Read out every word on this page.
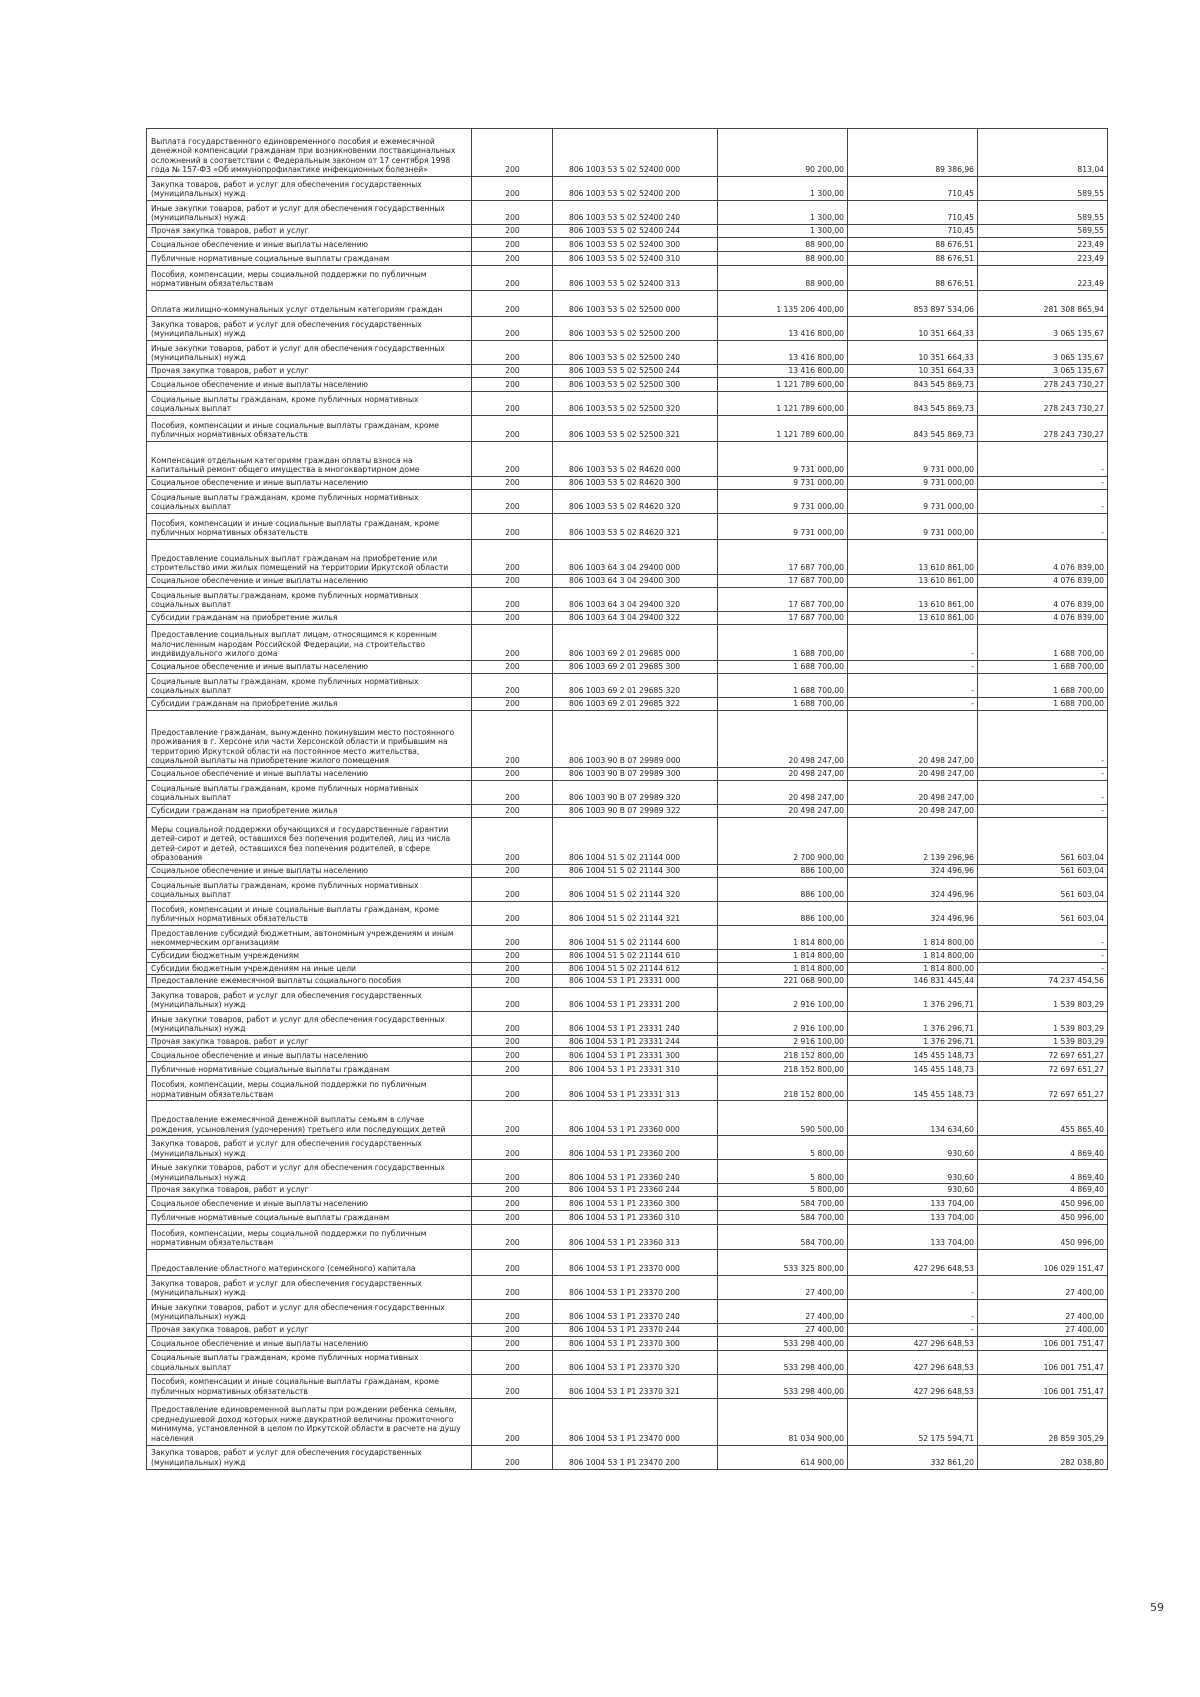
Выплата государственного единовременного пособия и ежемесячной денежной компенсации гражданам при возникновении поствакцинальных осложнений в соответствии с Федеральным законом от 17 сентября 1998 года № 157-ФЗ «Об иммунопрофилактике инфекционных болезней»	200	806 1003 53 5 02 52400 000	90 200,00	89 386,96	813,04
Закупка товаров, работ и услуг для обеспечения государственных (муниципальных) нужд	200	806 1003 53 5 02 52400 200	1 300,00	710,45	589,55
Иные закупки товаров, работ и услуг для обеспечения государственных (муниципальных) нужд	200	806 1003 53 5 02 52400 240	1 300,00	710,45	589,55
Прочая закупка товаров, работ и услуг	200	806 1003 53 5 02 52400 244	1 300,00	710,45	589,55
Социальное обеспечение и иные выплаты населению	200	806 1003 53 5 02 52400 300	88 900,00	88 676,51	223,49
Публичные нормативные социальные выплаты гражданам	200	806 1003 53 5 02 52400 310	88 900,00	88 676,51	223,49
Пособия, компенсации, меры социальной поддержки по публичным нормативным обязательствам	200	806 1003 53 5 02 52400 313	88 900,00	88 676,51	223,49
Оплата жилищно-коммунальных услуг отдельным категориям граждан	200	806 1003 53 5 02 52500 000	1 135 206 400,00	853 897 534,06	281 308 865,94
Закупка товаров, работ и услуг для обеспечения государственных (муниципальных) нужд	200	806 1003 53 5 02 52500 200	13 416 800,00	10 351 664,33	3 065 135,67
Иные закупки товаров, работ и услуг для обеспечения государственных (муниципальных) нужд	200	806 1003 53 5 02 52500 240	13 416 800,00	10 351 664,33	3 065 135,67
Прочая закупка товаров, работ и услуг	200	806 1003 53 5 02 52500 244	13 416 800,00	10 351 664,33	3 065 135,67
Социальное обеспечение и иные выплаты населению	200	806 1003 53 5 02 52500 300	1 121 789 600,00	843 545 869,73	278 243 730,27
Социальные выплаты гражданам, кроме публичных нормативных социальных выплат	200	806 1003 53 5 02 52500 320	1 121 789 600,00	843 545 869,73	278 243 730,27
Пособия, компенсации и иные социальные выплаты гражданам, кроме публичных нормативных обязательств	200	806 1003 53 5 02 52500 321	1 121 789 600,00	843 545 869,73	278 243 730,27
Компенсация отдельным категориям граждан оплаты взноса на капитальный ремонт общего имущества в многоквартирном доме	200	806 1003 53 5 02 R4620 000	9 731 000,00	9 731 000,00	-
Социальное обеспечение и иные выплаты населению	200	806 1003 53 5 02 R4620 300	9 731 000,00	9 731 000,00	-
Социальные выплаты гражданам, кроме публичных нормативных социальных выплат	200	806 1003 53 5 02 R4620 320	9 731 000,00	9 731 000,00	-
Пособия, компенсации и иные социальные выплаты гражданам, кроме публичных нормативных обязательств	200	806 1003 53 5 02 R4620 321	9 731 000,00	9 731 000,00	-
Предоставление социальных выплат гражданам на приобретение или строительство ими жилых помещений на территории Иркутской области	200	806 1003 64 3 04 29400 000	17 687 700,00	13 610 861,00	4 076 839,00
Социальное обеспечение и иные выплаты населению	200	806 1003 64 3 04 29400 300	17 687 700,00	13 610 861,00	4 076 839,00
Социальные выплаты гражданам, кроме публичных нормативных социальных выплат	200	806 1003 64 3 04 29400 320	17 687 700,00	13 610 861,00	4 076 839,00
Субсидии гражданам на приобретение жилья	200	806 1003 64 3 04 29400 322	17 687 700,00	13 610 861,00	4 076 839,00
Предоставление социальных выплат лицам, относящимся к коренным малочисленным народам Российской Федерации, на строительство индивидуального жилого дома	200	806 1003 69 2 01 29685 000	1 688 700,00	-	1 688 700,00
Социальное обеспечение и иные выплаты населению	200	806 1003 69 2 01 29685 300	1 688 700,00	-	1 688 700,00
Социальные выплаты гражданам, кроме публичных нормативных социальных выплат	200	806 1003 69 2 01 29685 320	1 688 700,00	-	1 688 700,00
Субсидии гражданам на приобретение жилья	200	806 1003 69 2 01 29685 322	1 688 700,00	-	1 688 700,00
Предоставление гражданам, вынужденно покинувшим место постоянного проживания в г. Херсоне или части Херсонской области и прибывшим на территорию Иркутской области на постоянное место жительства, социальной выплаты на приобретение жилого помещения	200	806 1003 90 В 07 29989 000	20 498 247,00	20 498 247,00	-
Социальное обеспечение и иные выплаты населению	200	806 1003 90 В 07 29989 300	20 498 247,00	20 498 247,00	-
Социальные выплаты гражданам, кроме публичных нормативных социальных выплат	200	806 1003 90 В 07 29989 320	20 498 247,00	20 498 247,00	-
Субсидии гражданам на приобретение жилья	200	806 1003 90 В 07 29989 322	20 498 247,00	20 498 247,00	-
Меры социальной поддержки обучающихся и государственные гарантии детей-сирот и детей, оставшихся без попечения родителей, лиц из числа детей-сирот и детей, оставшихся без попечения родителей, в сфере образования	200	806 1004 51 5 02 21144 000	2 700 900,00	2 139 296,96	561 603,04
Социальное обеспечение и иные выплаты населению	200	806 1004 51 5 02 21144 300	886 100,00	324 496,96	561 603,04
Социальные выплаты гражданам, кроме публичных нормативных социальных выплат	200	806 1004 51 5 02 21144 320	886 100,00	324 496,96	561 603,04
Пособия, компенсации и иные социальные выплаты гражданам, кроме публичных нормативных обязательств	200	806 1004 51 5 02 21144 321	886 100,00	324 496,96	561 603,04
Предоставление субсидий бюджетным, автономным учреждениям и иным некоммерческим организациям	200	806 1004 51 5 02 21144 600	1 814 800,00	1 814 800,00	-
Субсидии бюджетным учреждениям	200	806 1004 51 5 02 21144 610	1 814 800,00	1 814 800,00	-
Субсидии бюджетным учреждениям на иные цели	200	806 1004 51 5 02 21144 612	1 814 800,00	1 814 800,00	-
Предоставление ежемесячной выплаты социального пособия	200	806 1004 53 1 P1 23331 000	221 068 900,00	146 831 445,44	74 237 454,56
Закупка товаров, работ и услуг для обеспечения государственных (муниципальных) нужд	200	806 1004 53 1 P1 23331 200	2 916 100,00	1 376 296,71	1 539 803,29
Иные закупки товаров, работ и услуг для обеспечения государственных (муниципальных) нужд	200	806 1004 53 1 P1 23331 240	2 916 100,00	1 376 296,71	1 539 803,29
Прочая закупка товаров, работ и услуг	200	806 1004 53 1 P1 23331 244	2 916 100,00	1 376 296,71	1 539 803,29
Социальное обеспечение и иные выплаты населению	200	806 1004 53 1 P1 23331 300	218 152 800,00	145 455 148,73	72 697 651,27
Публичные нормативные социальные выплаты гражданам	200	806 1004 53 1 P1 23331 310	218 152 800,00	145 455 148,73	72 697 651,27
Пособия, компенсации, меры социальной поддержки по публичным нормативным обязательствам	200	806 1004 53 1 P1 23331 313	218 152 800,00	145 455 148,73	72 697 651,27
Предоставление ежемесячной денежной выплаты семьям в случае рождения, усыновления (удочерения) третьего или последующих детей	200	806 1004 53 1 P1 23360 000	590 500,00	134 634,60	455 865,40
Закупка товаров, работ и услуг для обеспечения государственных (муниципальных) нужд	200	806 1004 53 1 P1 23360 200	5 800,00	930,60	4 869,40
Иные закупки товаров, работ и услуг для обеспечения государственных (муниципальных) нужд	200	806 1004 53 1 P1 23360 240	5 800,00	930,60	4 869,40
Прочая закупка товаров, работ и услуг	200	806 1004 53 1 P1 23360 244	5 800,00	930,60	4 869,40
Социальное обеспечение и иные выплаты населению	200	806 1004 53 1 P1 23360 300	584 700,00	133 704,00	450 996,00
Публичные нормативные социальные выплаты гражданам	200	806 1004 53 1 P1 23360 310	584 700,00	133 704,00	450 996,00
Пособия, компенсации, меры социальной поддержки по публичным нормативным обязательствам	200	806 1004 53 1 P1 23360 313	584 700,00	133 704,00	450 996,00
Предоставление областного материнского (семейного) капитала	200	806 1004 53 1 P1 23370 000	533 325 800,00	427 296 648,53	106 029 151,47
Закупка товаров, работ и услуг для обеспечения государственных (муниципальных) нужд	200	806 1004 53 1 P1 23370 200	27 400,00	-	27 400,00
Иные закупки товаров, работ и услуг для обеспечения государственных (муниципальных) нужд	200	806 1004 53 1 P1 23370 240	27 400,00	-	27 400,00
Прочая закупка товаров, работ и услуг	200	806 1004 53 1 P1 23370 244	27 400,00	-	27 400,00
Социальное обеспечение и иные выплаты населению	200	806 1004 53 1 P1 23370 300	533 298 400,00	427 296 648,53	106 001 751,47
Социальные выплаты гражданам, кроме публичных нормативных социальных выплат	200	806 1004 53 1 P1 23370 320	533 298 400,00	427 296 648,53	106 001 751,47
Пособия, компенсации и иные социальные выплаты гражданам, кроме публичных нормативных обязательств	200	806 1004 53 1 P1 23370 321	533 298 400,00	427 296 648,53	106 001 751,47
Предоставление единовременной выплаты при рождении ребенка семьям, среднедушевой доход которых ниже двукратной величины прожиточного минимума, установленной в целом по Иркутской области в расчете на душу населения	200	806 1004 53 1 P1 23470 000	81 034 900,00	52 175 594,71	28 859 305,29
Закупка товаров, работ и услуг для обеспечения государственных (муниципальных) нужд	200	806 1004 53 1 P1 23470 200	614 900,00	332 861,20	282 038,80
59
